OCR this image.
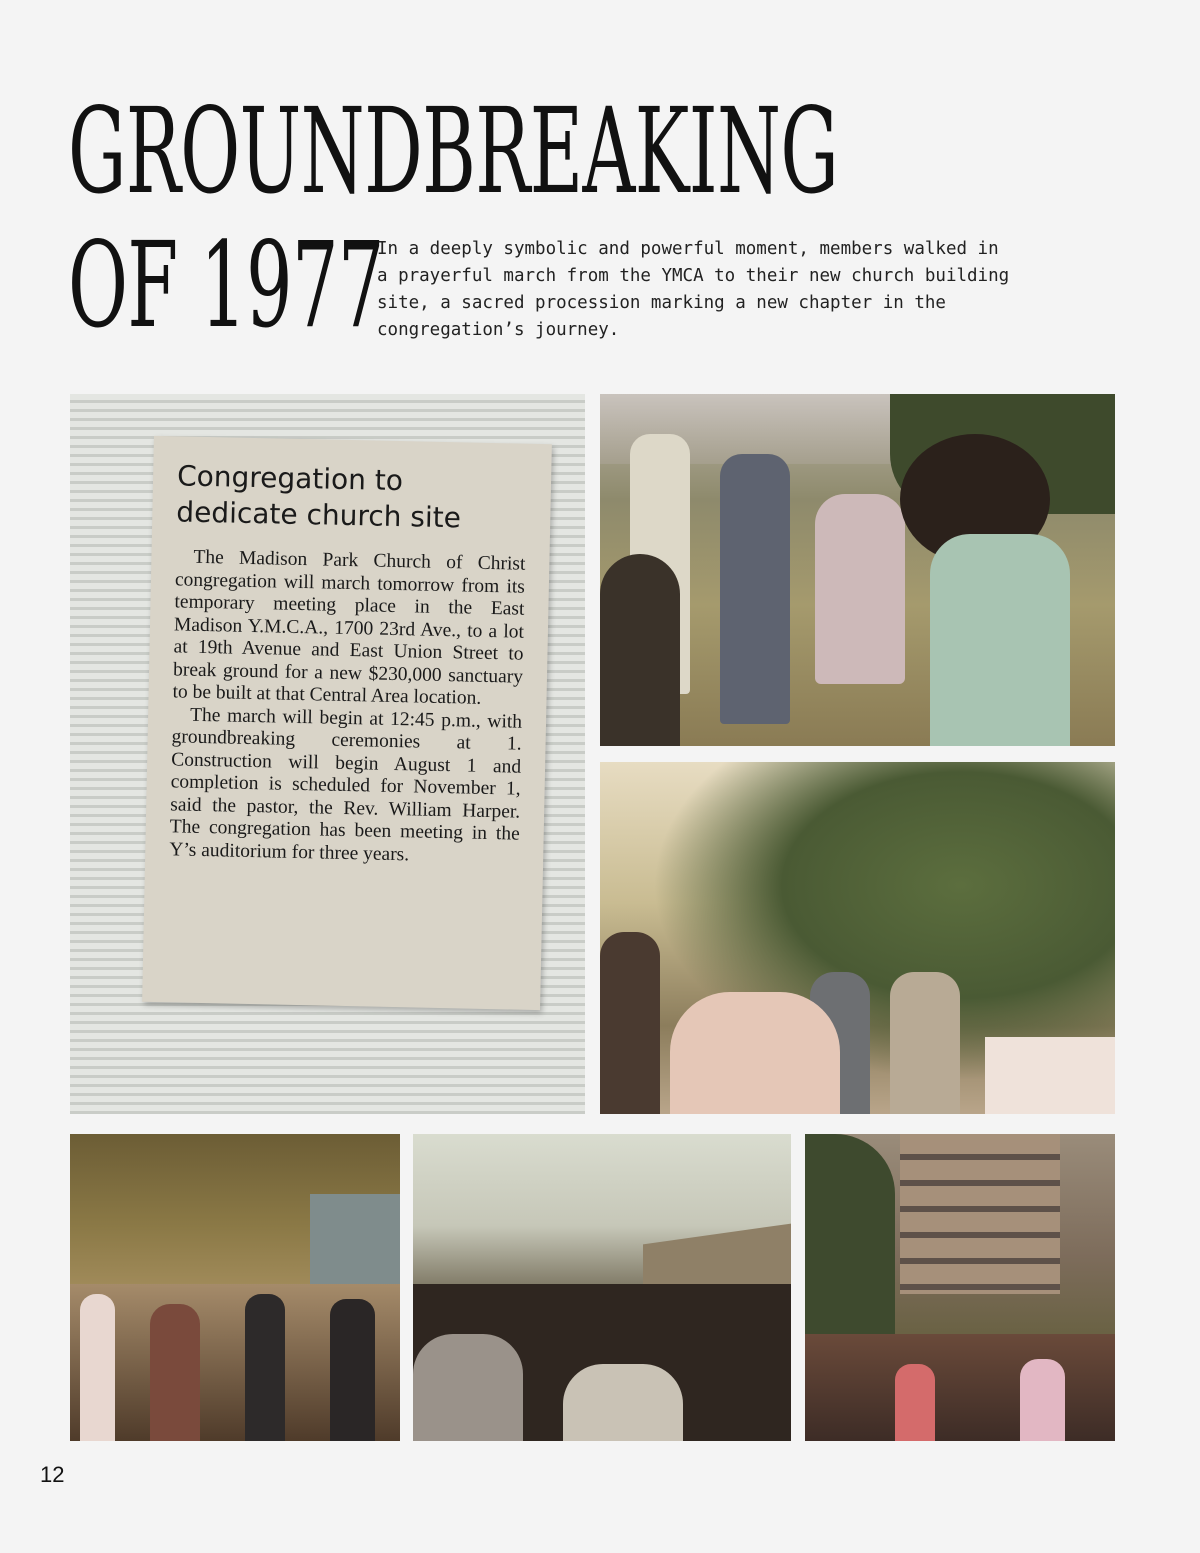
GROUNDBREAKING
OF 1977
In a deeply symbolic and powerful moment, members walked in a prayerful march from the YMCA to their new church building site, a sacred procession marking a new chapter in the congregation’s journey.
Congregation to dedicate church site

The Madison Park Church of Christ congregation will march tomorrow from its temporary meeting place in the East Madison Y.M.C.A., 1700 23rd Ave., to a lot at 19th Avenue and East Union Street to break ground for a new $230,000 sanctuary to be built at that Central Area location.

The march will begin at 12:45 p.m., with groundbreaking ceremonies at 1. Construction will begin August 1 and completion is scheduled for November 1, said the pastor, the Rev. William Harper. The congregation has been meeting in the Y’s auditorium for three years.

12
